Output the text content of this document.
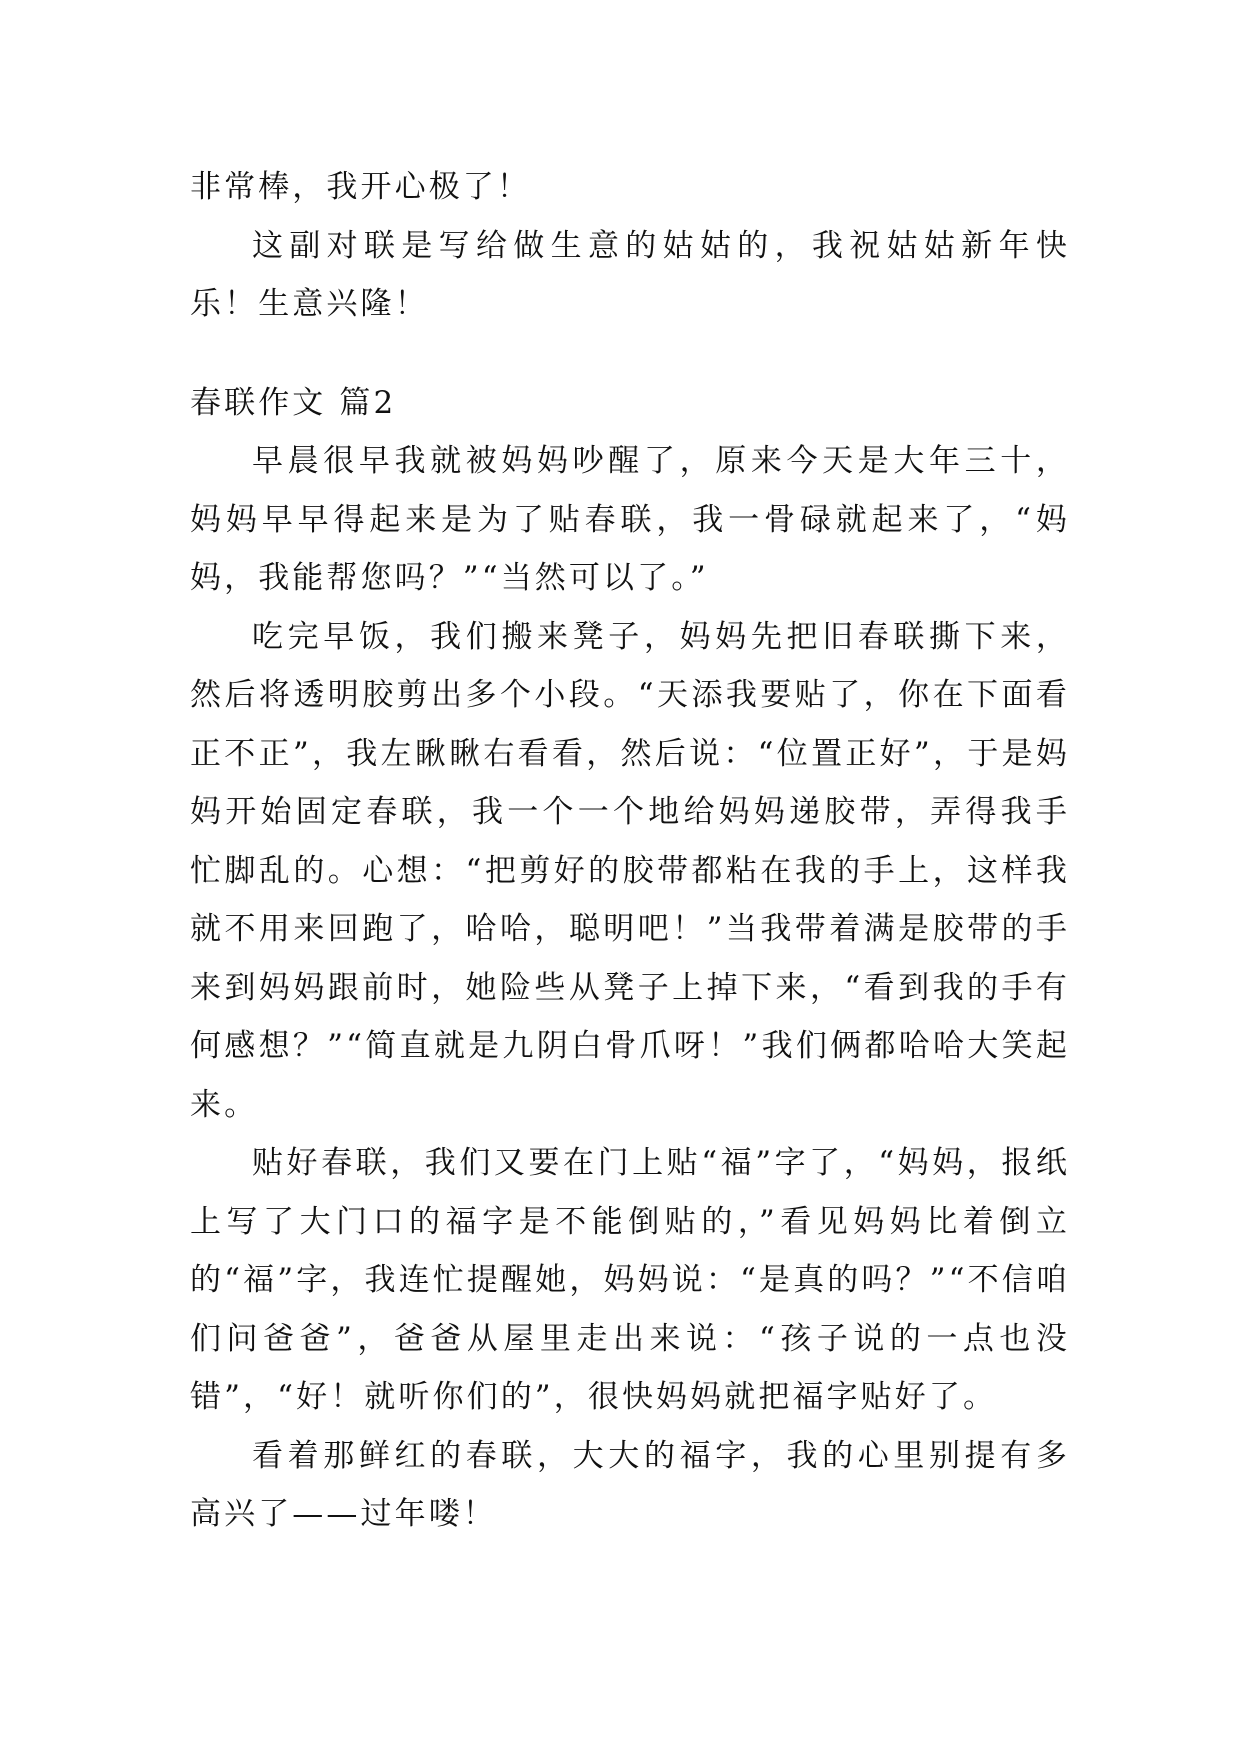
非常棒，我开心极了！

这副对联是写给做生意的姑姑的，我祝姑姑新年快乐！生意兴隆！

春联作文 篇2

早晨很早我就被妈妈吵醒了，原来今天是大年三十，妈妈早早得起来是为了贴春联，我一骨碌就起来了，“妈妈，我能帮您吗？”“当然可以了。”

吃完早饭，我们搬来凳子，妈妈先把旧春联撕下来，然后将透明胶剪出多个小段。“天添我要贴了，你在下面看正不正”，我左瞅瞅右看看，然后说：“位置正好”，于是妈妈开始固定春联，我一个一个地给妈妈递胶带，弄得我手忙脚乱的。心想：“把剪好的胶带都粘在我的手上，这样我就不用来回跑了，哈哈，聪明吧！”当我带着满是胶带的手来到妈妈跟前时，她险些从凳子上掉下来，“看到我的手有何感想？”“简直就是九阴白骨爪呀！”我们俩都哈哈大笑起来。

贴好春联，我们又要在门上贴“福”字了，“妈妈，报纸上写了大门口的福字是不能倒贴的，”看见妈妈比着倒立的“福”字，我连忙提醒她，妈妈说：“是真的吗？”“不信咱们问爸爸”，爸爸从屋里走出来说：“孩子说的一点也没错”，“好！就听你们的”，很快妈妈就把福字贴好了。

看着那鲜红的春联，大大的福字，我的心里别提有多高兴了——过年喽！
